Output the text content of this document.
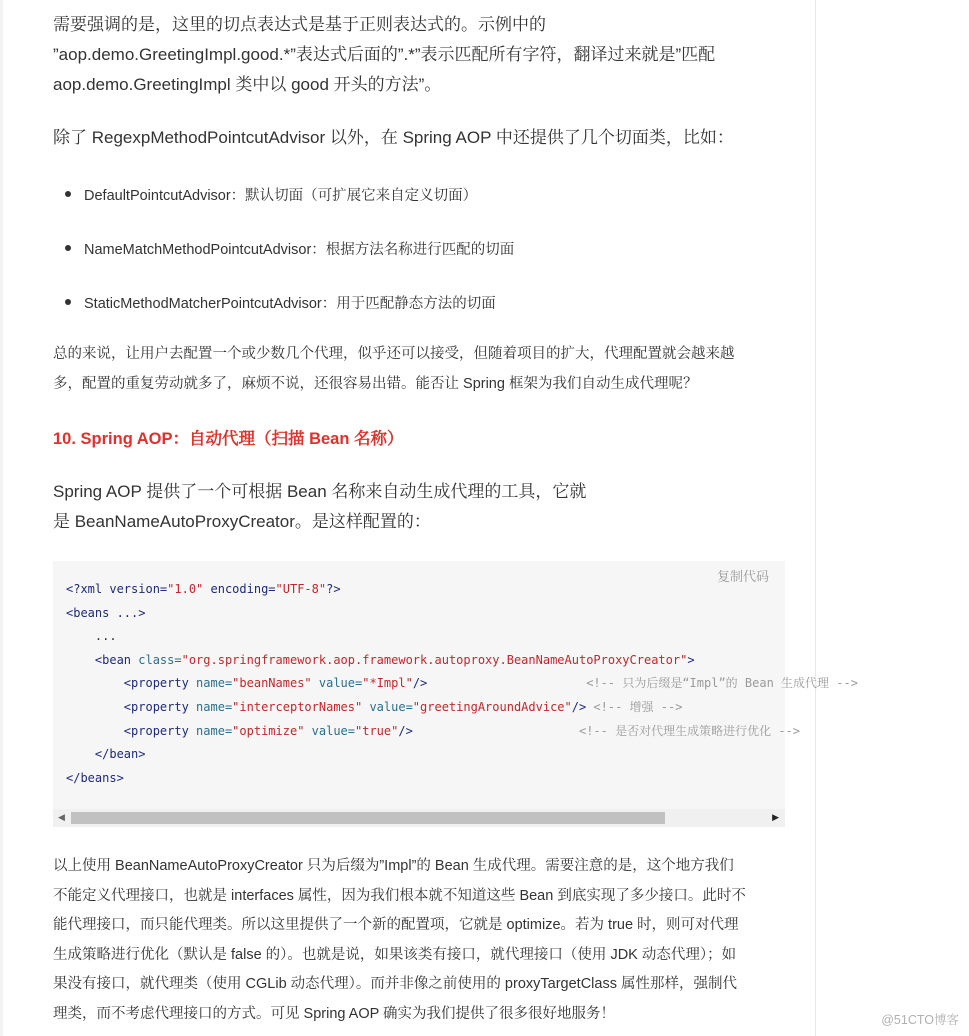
需要强调的是，这里的切点表达式是基于正则表达式的。示例中的
”aop.demo.GreetingImpl.good.*”表达式后面的”.*”表示匹配所有字符，翻译过来就是”匹配
aop.demo.GreetingImpl 类中以 good 开头的方法”。

除了 RegexpMethodPointcutAdvisor 以外，在 Spring AOP 中还提供了几个切面类，比如：

DefaultPointcutAdvisor：默认切面（可扩展它来自定义切面）
NameMatchMethodPointcutAdvisor：根据方法名称进行匹配的切面
StaticMethodMatcherPointcutAdvisor：用于匹配静态方法的切面

总的来说，让用户去配置一个或少数几个代理，似乎还可以接受，但随着项目的扩大，代理配置就会越来越
多，配置的重复劳动就多了，麻烦不说，还很容易出错。能否让 Spring 框架为我们自动生成代理呢？

10. Spring AOP：自动代理（扫描 Bean 名称）

Spring AOP 提供了一个可根据 Bean 名称来自动生成代理的工具，它就
是 BeanNameAutoProxyCreator。是这样配置的：

复制代码
<?xml version="1.0" encoding="UTF-8"?>
<beans ...>
...
<bean class="org.springframework.aop.framework.autoproxy.BeanNameAutoProxyCreator">
<property name="beanNames" value="*Impl"/>                      <!-- 只为后缀是“Impl”的 Bean 生成代理 -->
<property name="interceptorNames" value="greetingAroundAdvice"/> <!-- 增强 -->
<property name="optimize" value="true"/>                       <!-- 是否对代理生成策略进行优化 -->
</bean>
</beans>
◀	▶

以上使用 BeanNameAutoProxyCreator 只为后缀为”Impl”的 Bean 生成代理。需要注意的是，这个地方我们
不能定义代理接口，也就是 interfaces 属性，因为我们根本就不知道这些 Bean 到底实现了多少接口。此时不
能代理接口，而只能代理类。所以这里提供了一个新的配置项，它就是 optimize。若为 true 时，则可对代理
生成策略进行优化（默认是 false 的）。也就是说，如果该类有接口，就代理接口（使用 JDK 动态代理）；如
果没有接口，就代理类（使用 CGLib 动态代理）。而并非像之前使用的 proxyTargetClass 属性那样，强制代
理类，而不考虑代理接口的方式。可见 Spring AOP 确实为我们提供了很多很好地服务！	@51CTO博客
